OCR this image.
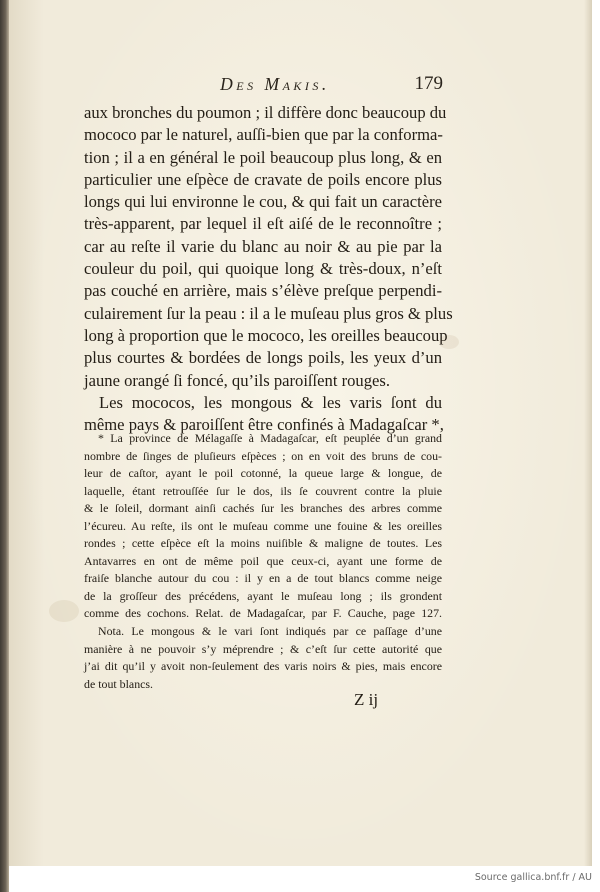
Des Makis.	179
aux bronches du poumon ; il diffère donc beaucoup du
mococo par le naturel, auſſi-bien que par la conforma-
tion ; il a en général le poil beaucoup plus long, & en
particulier une eſpèce de cravate de poils encore plus
longs qui lui environne le cou, & qui fait un caractère
très-apparent, par lequel il eſt aiſé de le reconnoître ;
car au reſte il varie du blanc au noir & au pie par la
couleur du poil, qui quoique long & très-doux, n’eſt
pas couché en arrière, mais s’élève preſque perpendi-
culairement ſur la peau : il a le muſeau plus gros & plus
long à proportion que le mococo, les oreilles beaucoup
plus courtes & bordées de longs poils, les yeux d’un
jaune orangé ſi foncé, qu’ils paroiſſent rouges.
Les mococos, les mongous & les varis ſont du
même pays & paroiſſent être confinés à Madagaſcar *,
* La province de Mélagaſſe à Madagaſcar, eſt peuplée d’un grand
nombre de ſinges de pluſieurs eſpèces ; on en voit des bruns de cou-
leur de caſtor, ayant le poil cotonné, la queue large & longue, de
laquelle, étant retrouſſée ſur le dos, ils ſe couvrent contre la pluie
& le ſoleil, dormant ainſi cachés ſur les branches des arbres comme
l’écureu. Au reſte, ils ont le muſeau comme une fouine & les oreilles
rondes ; cette eſpèce eſt la moins nuiſible & maligne de toutes. Les
Antavarres en ont de même poil que ceux-ci, ayant une forme de
fraiſe blanche autour du cou : il y en a de tout blancs comme neige
de la groſſeur des précédens, ayant le muſeau long ; ils grondent
comme des cochons. Relat. de Madagaſcar, par F. Cauche, page 127.
Nota. Le mongous & le vari ſont indiqués par ce paſſage d’une
manière à ne pouvoir s’y méprendre ; & c’eſt ſur cette autorité que
j’ai dit qu’il y avoit non-ſeulement des varis noirs & pies, mais encore
de tout blancs.
Z ij
Source gallica.bnf.fr / AU
